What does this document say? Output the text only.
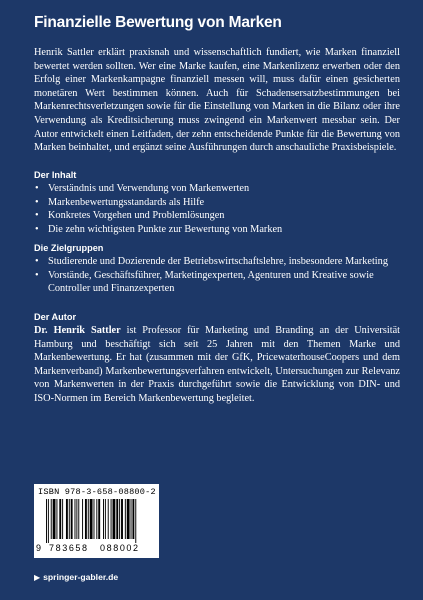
Finanzielle Bewertung von Marken

Henrik Sattler erklärt praxisnah und wissenschaftlich fundiert, wie Marken finanziell bewertet werden sollten. Wer eine Marke kaufen, eine Markenlizenz erwerben oder den Erfolg einer Markenkampagne finanziell messen will, muss dafür einen gesicherten monetären Wert bestimmen können. Auch für Schadensersatzbestimmungen bei Markenrechtsverletzungen sowie für die Einstellung von Marken in die Bilanz oder ihre Verwendung als Kreditsicherung muss zwingend ein Markenwert messbar sein. Der Autor entwickelt einen Leitfaden, der zehn entscheidende Punkte für die Bewertung von Marken beinhaltet, und ergänzt seine Ausführungen durch anschauliche Praxisbeispiele.

Der Inhalt
• Verständnis und Verwendung von Markenwerten
• Markenbewertungsstandards als Hilfe
• Konkretes Vorgehen und Problemlösungen
• Die zehn wichtigsten Punkte zur Bewertung von Marken
Die Zielgruppen
• Studierende und Dozierende der Betriebswirtschaftslehre, insbesondere Marketing
• Vorstände, Geschäftsführer, Marketingexperten, Agenturen und Kreative sowie Controller und Finanzexperten
Der Autor

Dr. Henrik Sattler ist Professor für Marketing und Branding an der Universität Hamburg und beschäftigt sich seit 25 Jahren mit den Themen Marke und Markenbewertung. Er hat (zusammen mit der GfK, PricewaterhouseCoopers und dem Markenverband) Markenbewertungsverfahren entwickelt, Untersuchungen zur Relevanz von Markenwerten in der Praxis durchgeführt sowie die Entwicklung von DIN- und ISO-Normen im Bereich Markenbewertung begleitet.

ISBN 978-3-658-08800-2
9 783658 088002
▶ springer-gabler.de
